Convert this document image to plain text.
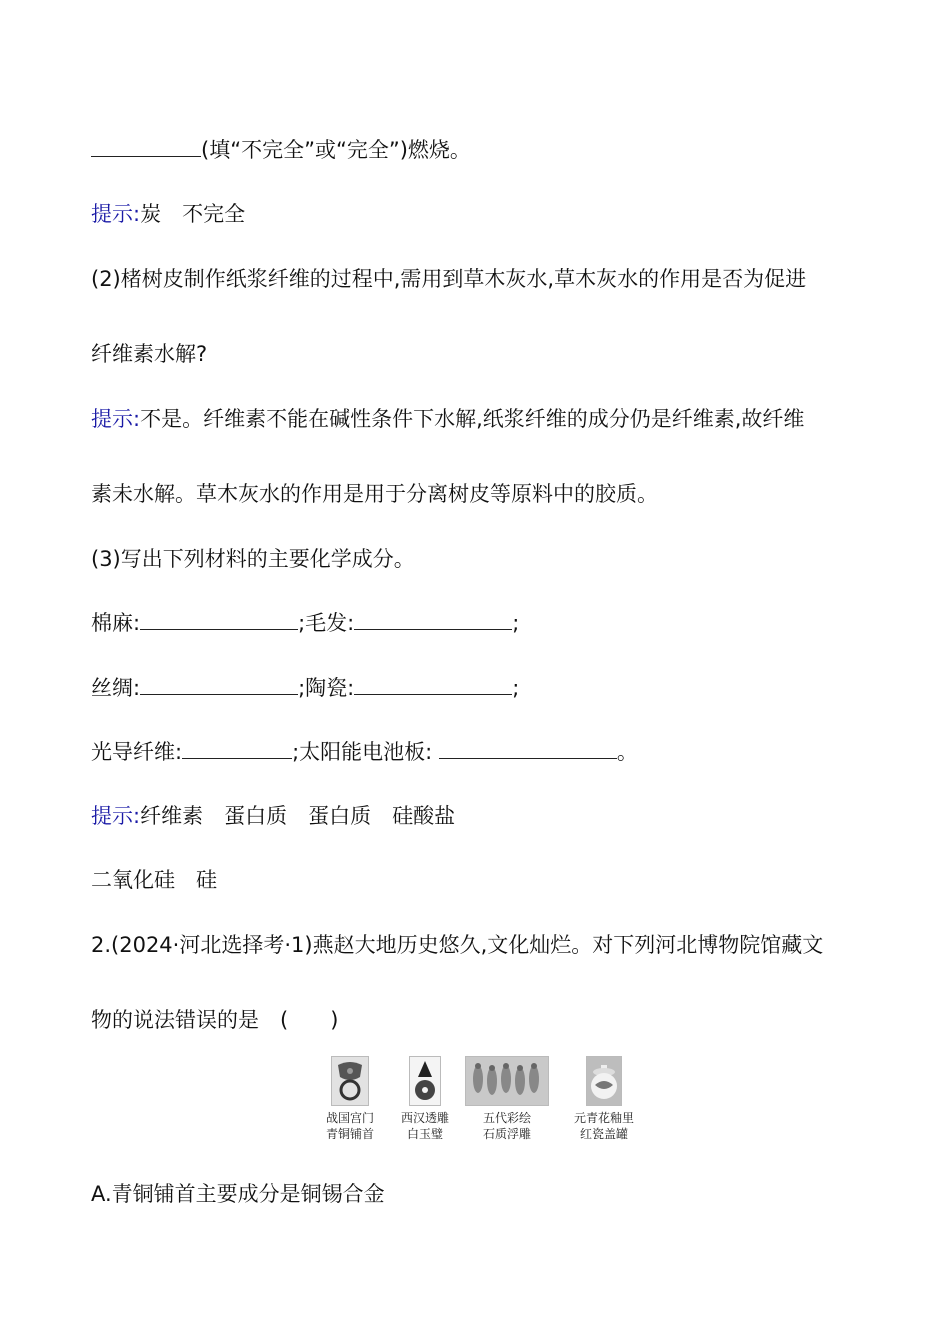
(填“不完全”或“完全”)燃烧。
提示:炭　不完全
(2)楮树皮制作纸浆纤维的过程中,需用到草木灰水,草木灰水的作用是否为促进
纤维素水解?
提示:不是。纤维素不能在碱性条件下水解,纸浆纤维的成分仍是纤维素,故纤维
素未水解。草木灰水的作用是用于分离树皮等原料中的胶质。
(3)写出下列材料的主要化学成分。
棉麻:	;毛发:	;
丝绸:	;陶瓷:	;
光导纤维:	;太阳能电池板:	。
提示:纤维素　蛋白质　蛋白质　硅酸盐
二氧化硅　硅
2.(2024·河北选择考·1)燕赵大地历史悠久,文化灿烂。对下列河北博物院馆藏文
物的说法错误的是　(　　)
战国宫门
青铜铺首
西汉透雕
白玉璧
五代彩绘
石质浮雕
元青花釉里
红瓷盖罐
A.青铜铺首主要成分是铜锡合金
